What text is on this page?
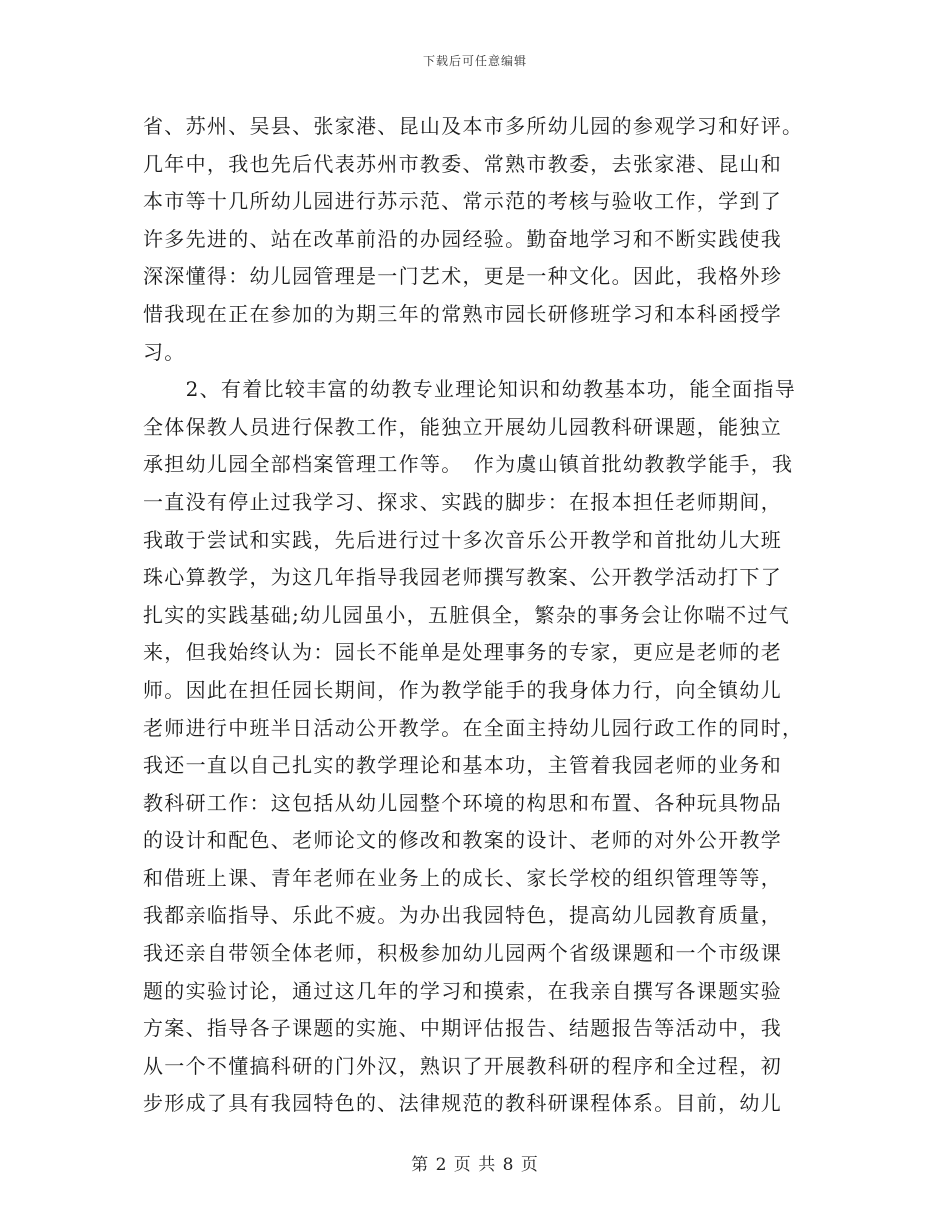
下载后可任意编辑
省、苏州、吴县、张家港、昆山及本市多所幼儿园的参观学习和好评。
几年中，我也先后代表苏州市教委、常熟市教委，去张家港、昆山和
本市等十几所幼儿园进行苏示范、常示范的考核与验收工作，学到了
许多先进的、站在改革前沿的办园经验。勤奋地学习和不断实践使我
深深懂得：幼儿园管理是一门艺术，更是一种文化。因此，我格外珍
惜我现在正在参加的为期三年的常熟市园长研修班学习和本科函授学
习。
　　2、有着比较丰富的幼教专业理论知识和幼教基本功，能全面指导
全体保教人员进行保教工作，能独立开展幼儿园教科研课题，能独立
承担幼儿园全部档案管理工作等。　作为虞山镇首批幼教教学能手，我
一直没有停止过我学习、探求、实践的脚步：在报本担任老师期间，
我敢于尝试和实践，先后进行过十多次音乐公开教学和首批幼儿大班
珠心算教学，为这几年指导我园老师撰写教案、公开教学活动打下了
扎实的实践基础;幼儿园虽小，五脏俱全，繁杂的事务会让你喘不过气
来，但我始终认为：园长不能单是处理事务的专家，更应是老师的老
师。因此在担任园长期间，作为教学能手的我身体力行，向全镇幼儿
老师进行中班半日活动公开教学。在全面主持幼儿园行政工作的同时，
我还一直以自己扎实的教学理论和基本功，主管着我园老师的业务和
教科研工作：这包括从幼儿园整个环境的构思和布置、各种玩具物品
的设计和配色、老师论文的修改和教案的设计、老师的对外公开教学
和借班上课、青年老师在业务上的成长、家长学校的组织管理等等，
我都亲临指导、乐此不疲。为办出我园特色，提高幼儿园教育质量，
我还亲自带领全体老师，积极参加幼儿园两个省级课题和一个市级课
题的实验讨论，通过这几年的学习和摸索，在我亲自撰写各课题实验
方案、指导各子课题的实施、中期评估报告、结题报告等活动中，我
从一个不懂搞科研的门外汉，熟识了开展教科研的程序和全过程，初
步形成了具有我园特色的、法律规范的教科研课程体系。目前，幼儿
第 2 页 共 8 页
